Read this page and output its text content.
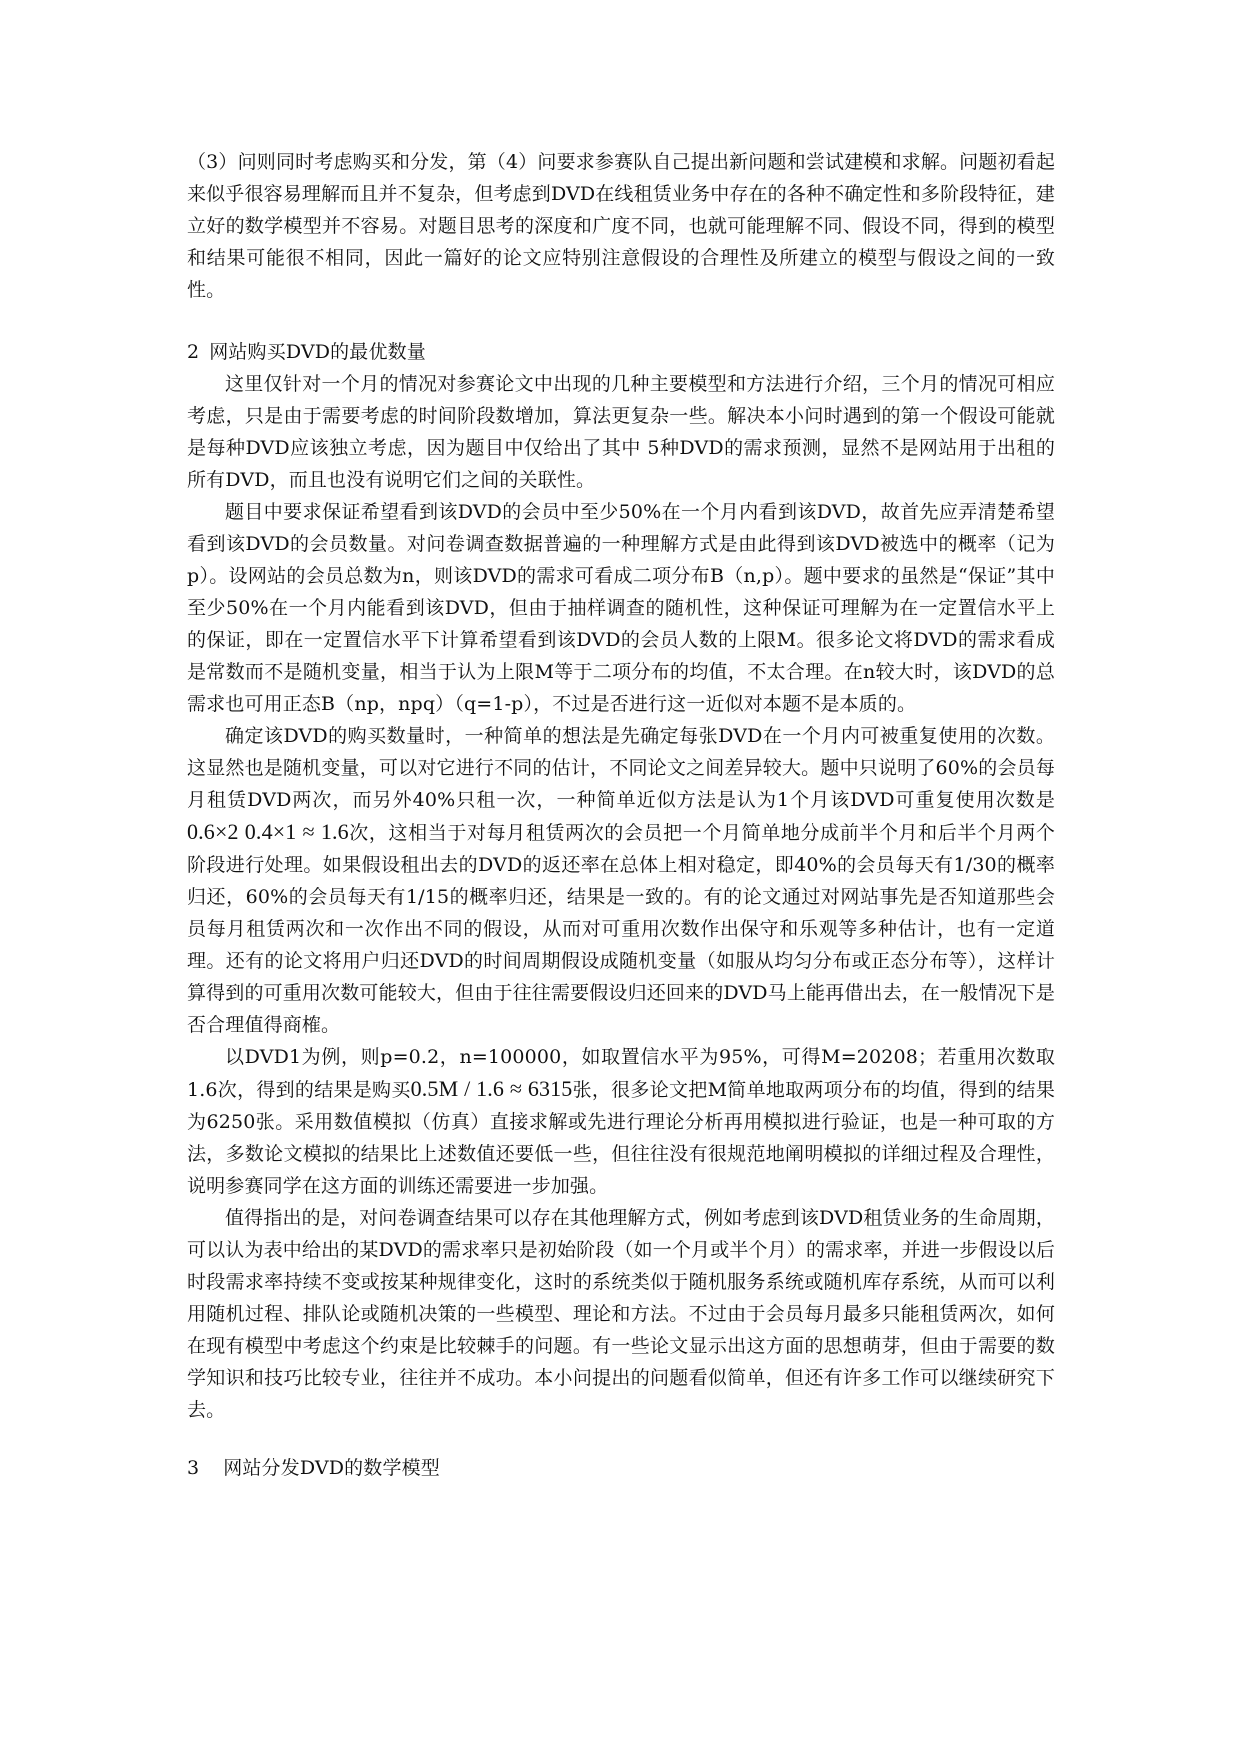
（3）问则同时考虑购买和分发，第（4）问要求参赛队自己提出新问题和尝试建模和求解。问题初看起来似乎很容易理解而且并不复杂，但考虑到DVD在线租赁业务中存在的各种不确定性和多阶段特征，建立好的数学模型并不容易。对题目思考的深度和广度不同，也就可能理解不同、假设不同，得到的模型和结果可能很不相同，因此一篇好的论文应特别注意假设的合理性及所建立的模型与假设之间的一致性。

2 网站购买DVD的最优数量

这里仅针对一个月的情况对参赛论文中出现的几种主要模型和方法进行介绍，三个月的情况可相应考虑，只是由于需要考虑的时间阶段数增加，算法更复杂一些。解决本小问时遇到的第一个假设可能就是每种DVD应该独立考虑，因为题目中仅给出了其中 5种DVD的需求预测，显然不是网站用于出租的所有DVD，而且也没有说明它们之间的关联性。

题目中要求保证希望看到该DVD的会员中至少50%在一个月内看到该DVD，故首先应弄清楚希望看到该DVD的会员数量。对问卷调查数据普遍的一种理解方式是由此得到该DVD被选中的概率（记为p）。设网站的会员总数为n，则该DVD的需求可看成二项分布B（n,p）。题中要求的虽然是“保证”其中至少50%在一个月内能看到该DVD，但由于抽样调查的随机性，这种保证可理解为在一定置信水平上的保证，即在一定置信水平下计算希望看到该DVD的会员人数的上限M。很多论文将DVD的需求看成是常数而不是随机变量，相当于认为上限M等于二项分布的均值，不太合理。在n较大时，该DVD的总需求也可用正态B（np，npq）（q=1-p），不过是否进行这一近似对本题不是本质的。

确定该DVD的购买数量时，一种简单的想法是先确定每张DVD在一个月内可被重复使用的次数。这显然也是随机变量，可以对它进行不同的估计，不同论文之间差异较大。题中只说明了60%的会员每月租赁DVD两次，而另外40%只租一次，一种简单近似方法是认为1个月该DVD可重复使用次数是0.6×2 0.4×1 ≈ 1.6次，这相当于对每月租赁两次的会员把一个月简单地分成前半个月和后半个月两个阶段进行处理。如果假设租出去的DVD的返还率在总体上相对稳定，即40%的会员每天有1/30的概率归还，60%的会员每天有1/15的概率归还，结果是一致的。有的论文通过对网站事先是否知道那些会员每月租赁两次和一次作出不同的假设，从而对可重用次数作出保守和乐观等多种估计，也有一定道理。还有的论文将用户归还DVD的时间周期假设成随机变量（如服从均匀分布或正态分布等），这样计算得到的可重用次数可能较大，但由于往往需要假设归还回来的DVD马上能再借出去，在一般情况下是否合理值得商榷。

以DVD1为例，则p=0.2，n=100000，如取置信水平为95%，可得M=20208；若重用次数取1.6次，得到的结果是购买0.5M / 1.6 ≈ 6315张，很多论文把M简单地取两项分布的均值，得到的结果为6250张。采用数值模拟（仿真）直接求解或先进行理论分析再用模拟进行验证，也是一种可取的方法，多数论文模拟的结果比上述数值还要低一些，但往往没有很规范地阐明模拟的详细过程及合理性，说明参赛同学在这方面的训练还需要进一步加强。

值得指出的是，对问卷调查结果可以存在其他理解方式，例如考虑到该DVD租赁业务的生命周期，可以认为表中给出的某DVD的需求率只是初始阶段（如一个月或半个月）的需求率，并进一步假设以后时段需求率持续不变或按某种规律变化，这时的系统类似于随机服务系统或随机库存系统，从而可以利用随机过程、排队论或随机决策的一些模型、理论和方法。不过由于会员每月最多只能租赁两次，如何在现有模型中考虑这个约束是比较棘手的问题。有一些论文显示出这方面的思想萌芽，但由于需要的数学知识和技巧比较专业，往往并不成功。本小问提出的问题看似简单，但还有许多工作可以继续研究下去。

3 网站分发DVD的数学模型
